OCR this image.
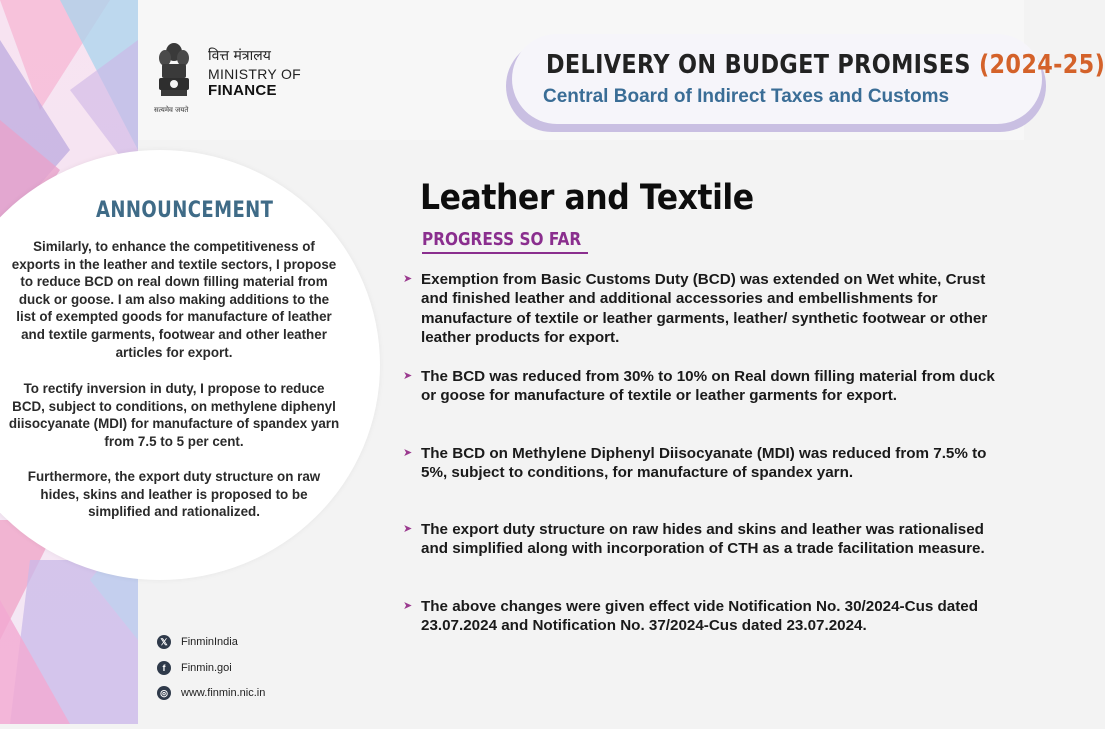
वित्त मंत्रालय
MINISTRY OF
FINANCE
सत्यमेव जयते
DELIVERY ON BUDGET PROMISES (2024-25)
Central Board of Indirect Taxes and Customs
ANNOUNCEMENT
Similarly, to enhance the competitiveness of exports in the leather and textile sectors, I propose to reduce BCD on real down filling material from duck or goose. I am also making additions to the list of exempted goods for manufacture of leather and textile garments, footwear and other leather articles for export.
To rectify inversion in duty, I propose to reduce BCD, subject to conditions, on methylene diphenyl diisocyanate (MDI) for manufacture of spandex yarn from 7.5 to 5 per cent.
Furthermore, the export duty structure on raw hides, skins and leather is proposed to be simplified and rationalized.
𝕏	FinminIndia
f	Finmin.goi
◎ www.finmin.nic.in
Leather and Textile
PROGRESS SO FAR
➤ Exemption from Basic Customs Duty (BCD) was extended on Wet white, Crust and finished leather and additional accessories and embellishments for manufacture of textile or leather garments, leather/ synthetic footwear or other leather products for export.
➤ The BCD was reduced from 30% to 10% on Real down filling material from duck or goose for manufacture of textile or leather garments for export.
➤ The BCD on Methylene Diphenyl Diisocyanate (MDI) was reduced from 7.5% to 5%, subject to conditions, for manufacture of spandex yarn.
➤ The export duty structure on raw hides and skins and leather was rationalised and simplified along with incorporation of CTH as a trade facilitation measure.
➤ The above changes were given effect vide Notification No. 30/2024-Cus dated 23.07.2024 and Notification No. 37/2024-Cus dated 23.07.2024.
